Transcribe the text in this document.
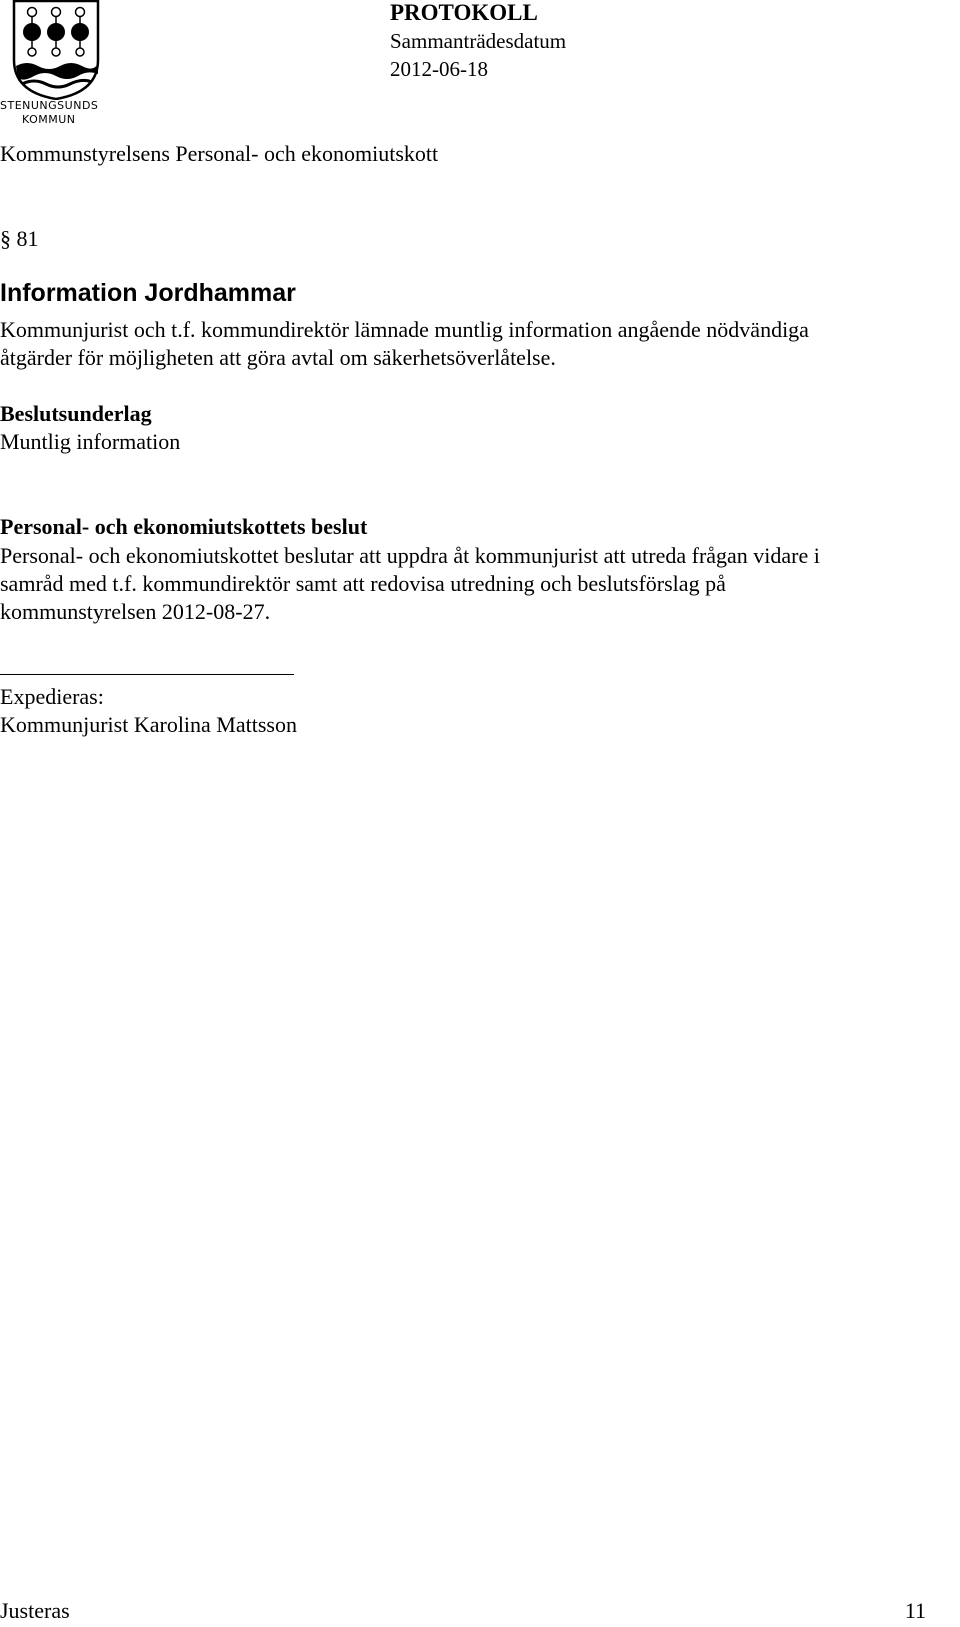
STENUNGSUNDS
KOMMUN
PROTOKOLL
Sammanträdesdatum
2012-06-18
Kommunstyrelsens Personal- och ekonomiutskott
§ 81
Information Jordhammar
Kommunjurist och t.f. kommundirektör lämnade muntlig information angående nödvändiga
åtgärder för möjligheten att göra avtal om säkerhetsöverlåtelse.
Beslutsunderlag
Muntlig information
Personal- och ekonomiutskottets beslut
Personal- och ekonomiutskottet beslutar att uppdra åt kommunjurist att utreda frågan vidare i
samråd med t.f. kommundirektör samt att redovisa utredning och beslutsförslag på
kommunstyrelsen 2012-08-27.
Expedieras:
Kommunjurist Karolina Mattsson
Justeras	11
